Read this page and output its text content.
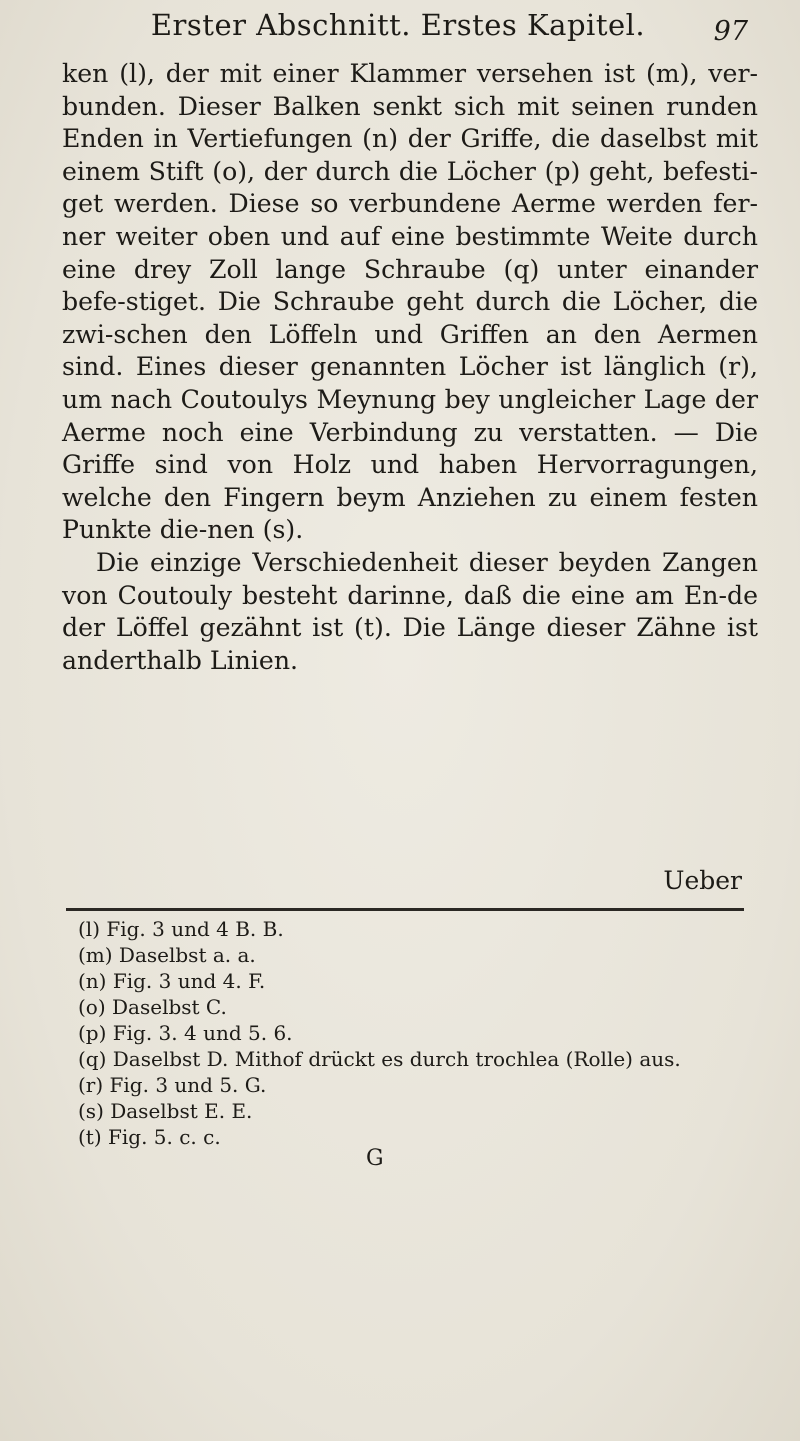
Erster Abschnitt. Erstes Kapitel.	97

ken (l), der mit einer Klammer versehen ist (m), ver-bunden. Dieser Balken senkt sich mit seinen runden Enden in Vertiefungen (n) der Griffe, die daselbst mit einem Stift (o), der durch die Löcher (p) geht, befesti-get werden. Diese so verbundene Aerme werden fer-ner weiter oben und auf eine bestimmte Weite durch eine drey Zoll lange Schraube (q) unter einander befe-stiget. Die Schraube geht durch die Löcher, die zwi-schen den Löffeln und Griffen an den Aermen sind. Eines dieser genannten Löcher ist länglich (r), um nach Coutoulys Meynung bey ungleicher Lage der Aerme noch eine Verbindung zu verstatten. — Die Griffe sind von Holz und haben Hervorragungen, welche den Fingern beym Anziehen zu einem festen Punkte die-nen (s).

Die einzige Verschiedenheit dieser beyden Zangen von Coutouly besteht darinne, daß die eine am En-de der Löffel gezähnt ist (t). Die Länge dieser Zähne ist anderthalb Linien.

Ueber

(l) Fig. 3 und 4 B. B.

(m) Daselbst a. a.

(n) Fig. 3 und 4. F.

(o) Daselbst C.

(p) Fig. 3. 4 und 5. 6.

(q) Daselbst D. Mithof drückt es durch trochlea (Rolle) aus.

(r) Fig. 3 und 5. G.

(s) Daselbst E. E.

(t) Fig. 5. c. c.

G
